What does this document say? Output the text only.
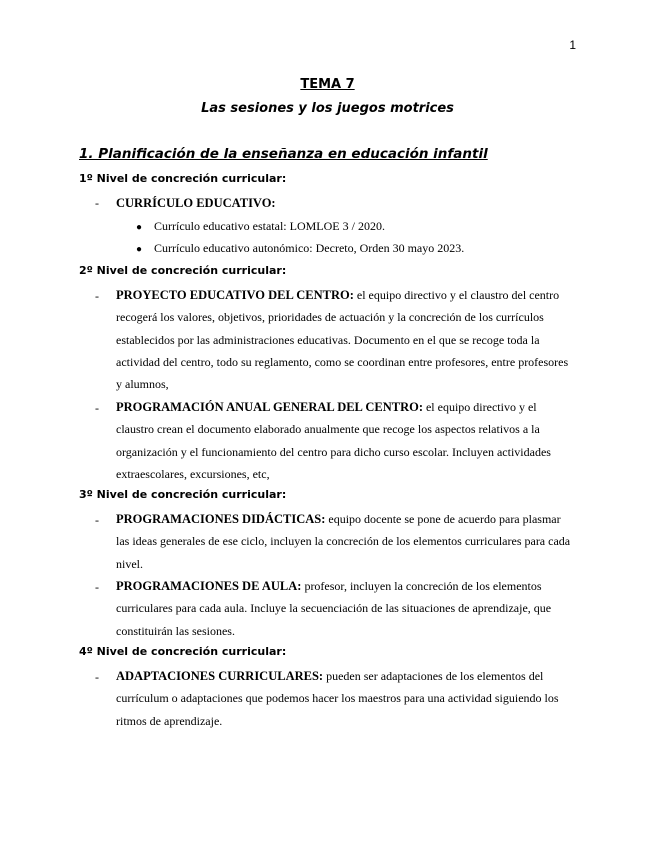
1
TEMA 7
Las sesiones y los juegos motrices
1. Planificación de la enseñanza en educación infantil
1º Nivel de concreción curricular:
- CURRÍCULO EDUCATIVO:
● Currículo educativo estatal: LOMLOE 3 / 2020.
● Currículo educativo autonómico: Decreto, Orden 30 mayo 2023.
2º Nivel de concreción curricular:
- PROYECTO EDUCATIVO DEL CENTRO: el equipo directivo y el claustro del centro recogerá los valores, objetivos, prioridades de actuación y la concreción de los currículos establecidos por las administraciones educativas. Documento en el que se recoge toda la actividad del centro, todo su reglamento, como se coordinan entre profesores, entre profesores y alumnos,
- PROGRAMACIÓN ANUAL GENERAL DEL CENTRO: el equipo directivo y el claustro crean el documento elaborado anualmente que recoge los aspectos relativos a la organización y el funcionamiento del centro para dicho curso escolar. Incluyen actividades extraescolares, excursiones, etc,
3º Nivel de concreción curricular:
- PROGRAMACIONES DIDÁCTICAS: equipo docente se pone de acuerdo para plasmar las ideas generales de ese ciclo, incluyen la concreción de los elementos curriculares para cada nivel.
- PROGRAMACIONES DE AULA: profesor, incluyen la concreción de los elementos curriculares para cada aula. Incluye la secuenciación de las situaciones de aprendizaje, que constituirán las sesiones.
4º Nivel de concreción curricular:
- ADAPTACIONES CURRICULARES: pueden ser adaptaciones de los elementos del currículum o adaptaciones que podemos hacer los maestros para una actividad siguiendo los ritmos de aprendizaje.
